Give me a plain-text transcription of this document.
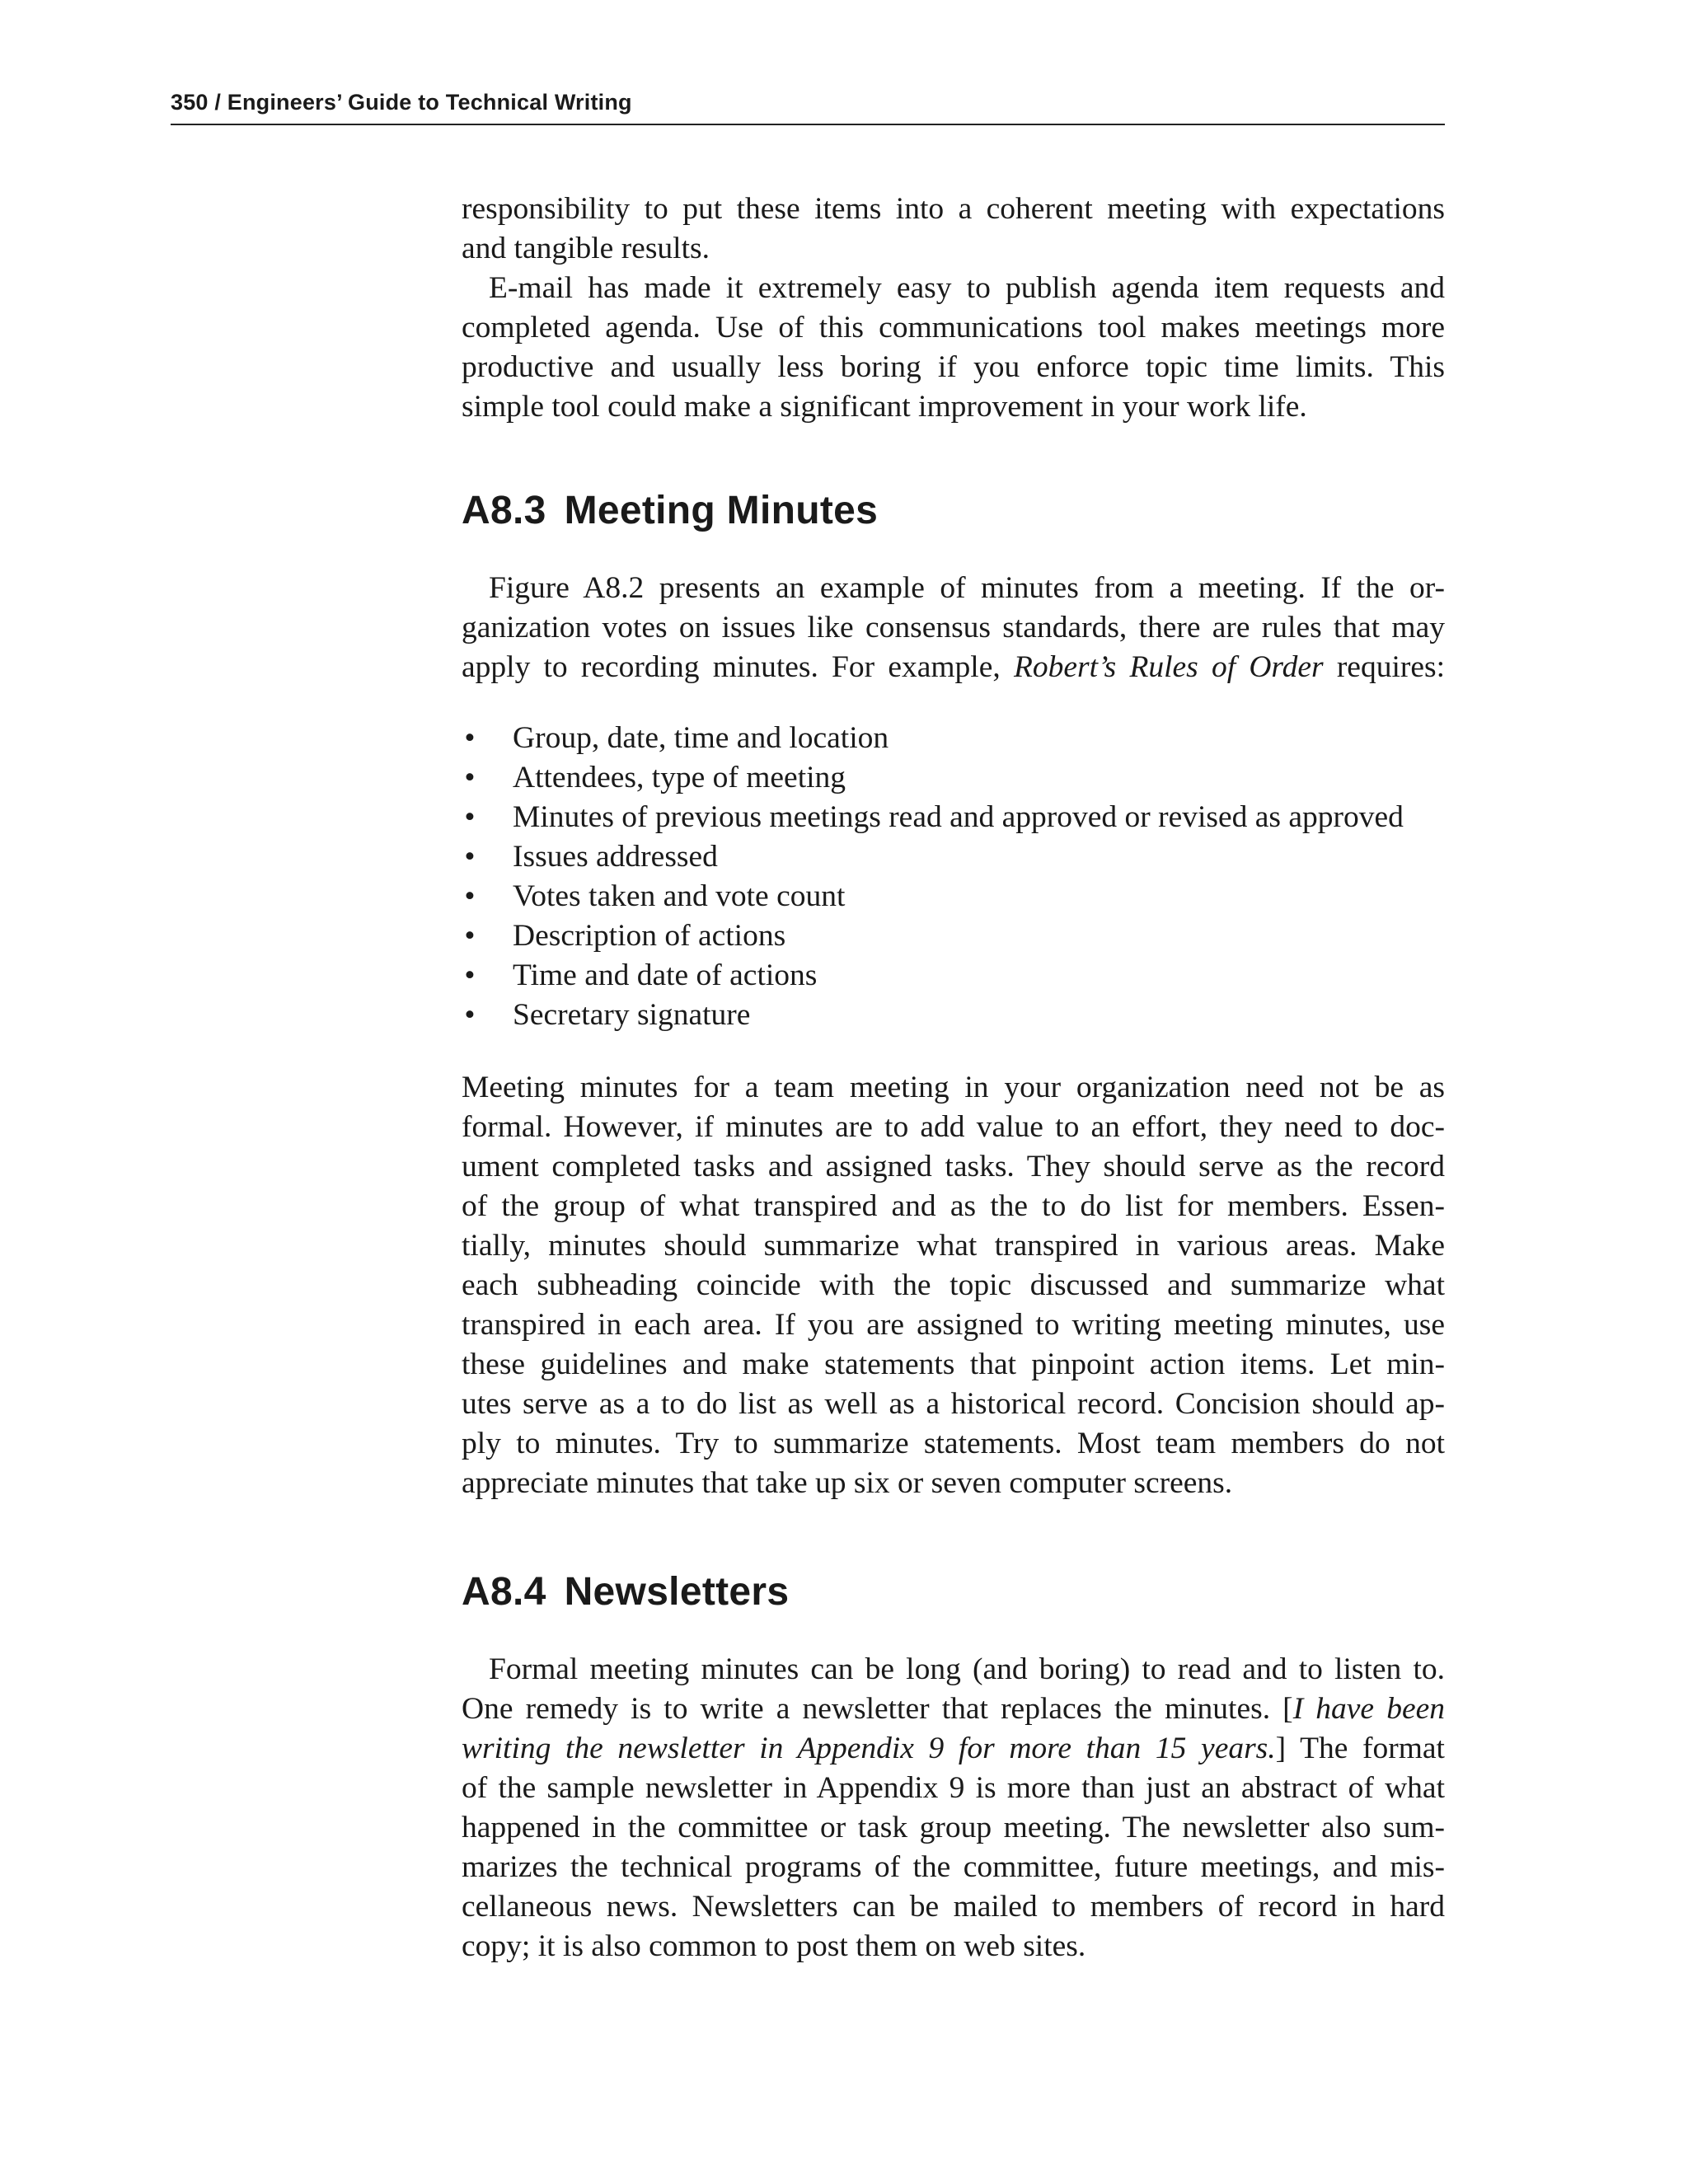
350 / Engineers’ Guide to Technical Writing

responsibility to put these items into a coherent meeting with expectations
and tangible results.

E-mail has made it extremely easy to publish agenda item requests and
completed agenda. Use of this communications tool makes meetings more
productive and usually less boring if you enforce topic time limits. This
simple tool could make a significant improvement in your work life.

A8.3 Meeting Minutes

Figure A8.2 presents an example of minutes from a meeting. If the or-
ganization votes on issues like consensus standards, there are rules that may
apply to recording minutes. For example, Robert’s Rules of Order requires:

• Group, date, time and location
• Attendees, type of meeting
• Minutes of previous meetings read and approved or revised as approved
• Issues addressed
• Votes taken and vote count
• Description of actions
• Time and date of actions
• Secretary signature

Meeting minutes for a team meeting in your organization need not be as
formal. However, if minutes are to add value to an effort, they need to doc-
ument completed tasks and assigned tasks. They should serve as the record
of the group of what transpired and as the to do list for members. Essen-
tially, minutes should summarize what transpired in various areas. Make
each subheading coincide with the topic discussed and summarize what
transpired in each area. If you are assigned to writing meeting minutes, use
these guidelines and make statements that pinpoint action items. Let min-
utes serve as a to do list as well as a historical record. Concision should ap-
ply to minutes. Try to summarize statements. Most team members do not
appreciate minutes that take up six or seven computer screens.

A8.4 Newsletters

Formal meeting minutes can be long (and boring) to read and to listen to.
One remedy is to write a newsletter that replaces the minutes. [I have been
writing the newsletter in Appendix 9 for more than 15 years.] The format
of the sample newsletter in Appendix 9 is more than just an abstract of what
happened in the committee or task group meeting. The newsletter also sum-
marizes the technical programs of the committee, future meetings, and mis-
cellaneous news. Newsletters can be mailed to members of record in hard
copy; it is also common to post them on web sites.
